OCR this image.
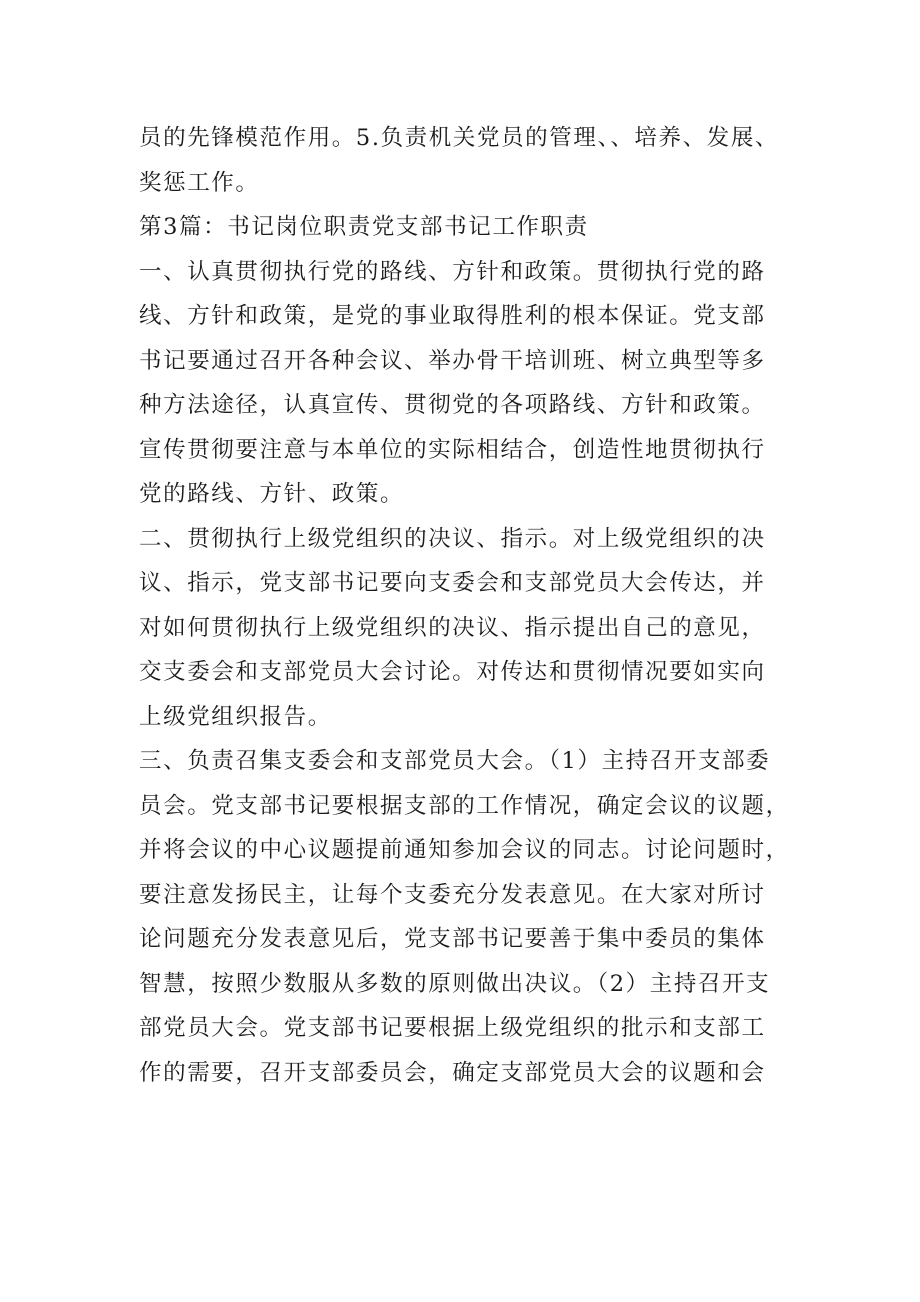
员的先锋模范作用。5.负责机关党员的管理、、培养、发展、
奖惩工作。
第3篇：书记岗位职责党支部书记工作职责
一、认真贯彻执行党的路线、方针和政策。贯彻执行党的路
线、方针和政策，是党的事业取得胜利的根本保证。党支部
书记要通过召开各种会议、举办骨干培训班、树立典型等多
种方法途径，认真宣传、贯彻党的各项路线、方针和政策。
宣传贯彻要注意与本单位的实际相结合，创造性地贯彻执行
党的路线、方针、政策。
二、贯彻执行上级党组织的决议、指示。对上级党组织的决
议、指示，党支部书记要向支委会和支部党员大会传达，并
对如何贯彻执行上级党组织的决议、指示提出自己的意见，
交支委会和支部党员大会讨论。对传达和贯彻情况要如实向
上级党组织报告。
三、负责召集支委会和支部党员大会。（1）主持召开支部委
员会。党支部书记要根据支部的工作情况，确定会议的议题，
并将会议的中心议题提前通知参加会议的同志。讨论问题时，
要注意发扬民主，让每个支委充分发表意见。在大家对所讨
论问题充分发表意见后，党支部书记要善于集中委员的集体
智慧，按照少数服从多数的原则做出决议。（2）主持召开支
部党员大会。党支部书记要根据上级党组织的批示和支部工
作的需要，召开支部委员会，确定支部党员大会的议题和会
